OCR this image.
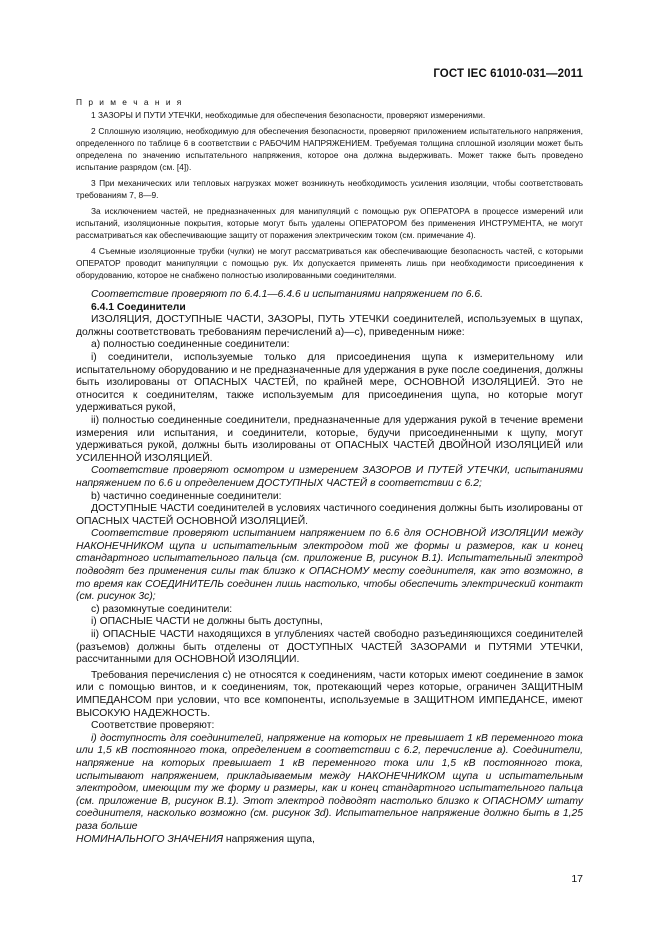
ГОСТ IEC 61010-031—2011

П р и м е ч а н и я

1 ЗАЗОРЫ И ПУТИ УТЕЧКИ, необходимые для обеспечения безопасности, проверяют измерениями.

2 Сплошную изоляцию, необходимую для обеспечения безопасности, проверяют приложением испытательного напряжения, определенного по таблице 6 в соответствии с РАБОЧИМ НАПРЯЖЕНИЕМ. Требуемая толщина сплошной изоляции может быть определена по значению испытательного напряжения, которое она должна выдерживать. Может также быть проведено испытание разрядом (см. [4]).

3 При механических или тепловых нагрузках может возникнуть необходимость усиления изоляции, чтобы соответствовать требованиям 7, 8—9.

За исключением частей, не предназначенных для манипуляций с помощью рук ОПЕРАТОРА в процессе измерений или испытаний, изоляционные покрытия, которые могут быть удалены ОПЕРАТОРОМ без применения ИНСТРУМЕНТА, не могут рассматриваться как обеспечивающие защиту от поражения электрическим током (см. примечание 4).

4 Съемные изоляционные трубки (чулки) не могут рассматриваться как обеспечивающие безопасность частей, с которыми ОПЕРАТОР проводит манипуляции с помощью рук. Их допускается применять лишь при необходимости присоединения к оборудованию, которое не снабжено полностью изолированными соединителями.

Соответствие проверяют по 6.4.1—6.4.6 и испытаниями напряжением по 6.6.

6.4.1 Соединители

ИЗОЛЯЦИЯ, ДОСТУПНЫЕ ЧАСТИ, ЗАЗОРЫ, ПУТЬ УТЕЧКИ соединителей, используемых в щупах, должны соответствовать требованиям перечислений а)—с), приведенным ниже:

а) полностью соединенные соединители:

i) соединители, используемые только для присоединения щупа к измерительному или испытательному оборудованию и не предназначенные для удержания в руке после соединения, должны быть изолированы от ОПАСНЫХ ЧАСТЕЙ, по крайней мере, ОСНОВНОЙ ИЗОЛЯЦИЕЙ. Это не относится к соединителям, также используемым для присоединения щупа, но которые могут удерживаться рукой,

ii) полностью соединенные соединители, предназначенные для удержания рукой в течение времени измерения или испытания, и соединители, которые, будучи присоединенными к щупу, могут удерживаться рукой, должны быть изолированы от ОПАСНЫХ ЧАСТЕЙ ДВОЙНОЙ ИЗОЛЯЦИЕЙ или УСИЛЕННОЙ ИЗОЛЯЦИЕЙ.

Соответствие проверяют осмотром и измерением ЗАЗОРОВ И ПУТЕЙ УТЕЧКИ, испытаниями напряжением по 6.6 и определением ДОСТУПНЫХ ЧАСТЕЙ в соответствии с 6.2;

b) частично соединенные соединители:

ДОСТУПНЫЕ ЧАСТИ соединителей в условиях частичного соединения должны быть изолированы от ОПАСНЫХ ЧАСТЕЙ ОСНОВНОЙ ИЗОЛЯЦИЕЙ.

Соответствие проверяют испытанием напряжением по 6.6 для ОСНОВНОЙ ИЗОЛЯЦИИ между НАКОНЕЧНИКОМ щупа и испытательным электродом той же формы и размеров, как и конец стандартного испытательного пальца (см. приложение В, рисунок В.1). Испытательный электрод подводят без применения силы так близко к ОПАСНОМУ месту соединителя, как это возможно, в то время как СОЕДИНИТЕЛЬ соединен лишь настолько, чтобы обеспечить электрический контакт (см. рисунок 3с);

с) разомкнутые соединители:

i) ОПАСНЫЕ ЧАСТИ не должны быть доступны,

ii) ОПАСНЫЕ ЧАСТИ находящихся в углублениях частей свободно разъединяющихся соединителей (разъемов) должны быть отделены от ДОСТУПНЫХ ЧАСТЕЙ ЗАЗОРАМИ и ПУТЯМИ УТЕЧКИ, рассчитанными для ОСНОВНОЙ ИЗОЛЯЦИИ.

Требования перечисления с) не относятся к соединениям, части которых имеют соединение в замок или с помощью винтов, и к соединениям, ток, протекающий через которые, ограничен ЗАЩИТНЫМ ИМПЕДАНСОМ при условии, что все компоненты, используемые в ЗАЩИТНОМ ИМПЕДАНСЕ, имеют ВЫСОКУЮ НАДЕЖНОСТЬ.

Соответствие проверяют:

i) доступность для соединителей, напряжение на которых не превышает 1 кВ переменного тока или 1,5 кВ постоянного тока, определением в соответствии с 6.2, перечисление а). Соединители, напряжение на которых превышает 1 кВ переменного тока или 1,5 кВ постоянного тока, испытывают напряжением, прикладываемым между НАКОНЕЧНИКОМ щупа и испытательным электродом, имеющим ту же форму и размеры, как и конец стандартного испытательного пальца (см. приложение В, рисунок В.1). Этот электрод подводят настолько близко к ОПАСНОМУ штату соединителя, насколько возможно (см. рисунок 3d). Испытательное напряжение должно быть в 1,25 раза больше
НОМИНАЛЬНОГО ЗНАЧЕНИЯ напряжения щупа,

17
